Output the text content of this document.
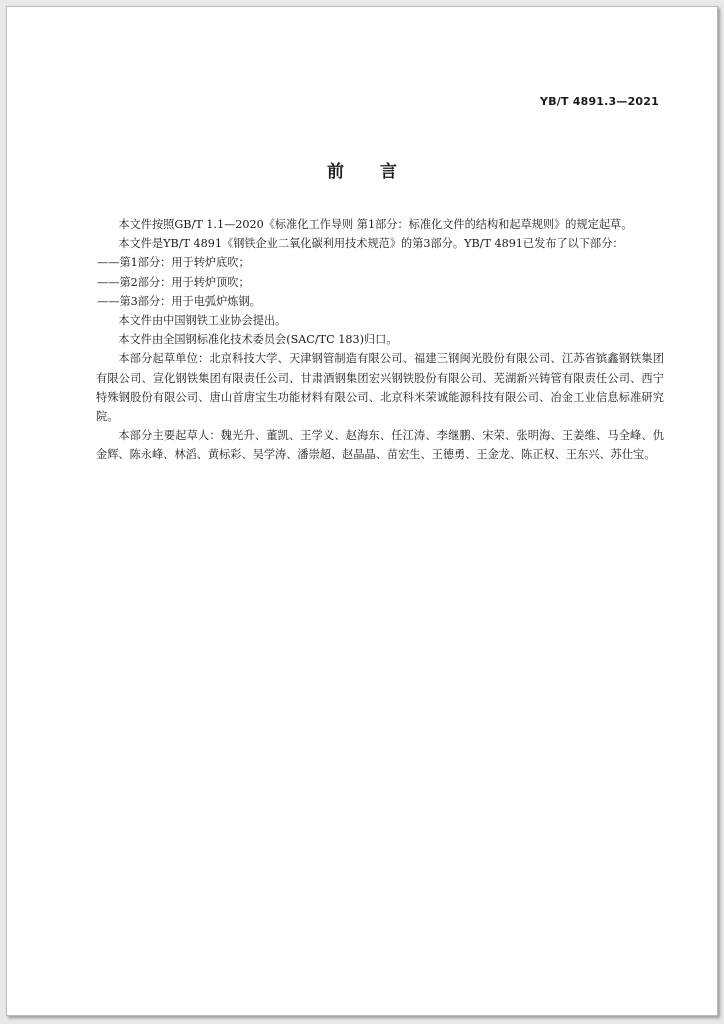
YB/T 4891.3—2021
前言

本文件按照GB/T 1.1—2020《标准化工作导则 第1部分：标准化文件的结构和起草规则》的规定起草。

本文件是YB/T 4891《钢铁企业二氧化碳利用技术规范》的第3部分。YB/T 4891已发布了以下部分：

——第1部分：用于转炉底吹；

——第2部分：用于转炉顶吹；

——第3部分：用于电弧炉炼钢。

本文件由中国钢铁工业协会提出。

本文件由全国钢标准化技术委员会(SAC/TC 183)归口。

本部分起草单位：北京科技大学、天津钢管制造有限公司、福建三钢闽光股份有限公司、江苏省镔鑫钢铁集团有限公司、宣化钢铁集团有限责任公司、甘肃酒钢集团宏兴钢铁股份有限公司、芜湖新兴铸管有限责任公司、西宁特殊钢股份有限公司、唐山首唐宝生功能材料有限公司、北京科米荣诚能源科技有限公司、冶金工业信息标准研究院。

本部分主要起草人：魏光升、董凯、王学义、赵海东、任江涛、李继鹏、宋荣、张明海、王姜维、马全峰、仇金辉、陈永峰、林滔、黄标彩、吴学涛、潘崇超、赵晶晶、苗宏生、王德勇、王金龙、陈正权、王东兴、苏仕宝。
